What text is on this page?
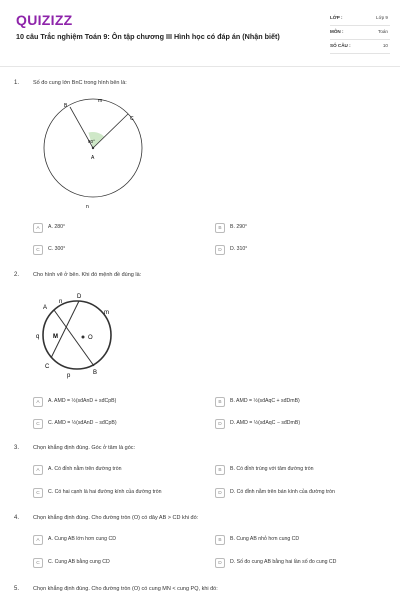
QUIZIZZ
10 câu Trắc nghiệm Toán 9: Ôn tập chương III Hình học có đáp án (Nhận biết)
LỚP :	Lớp 9
MÔN :	Toán
SỐ CÂU :	10
1.	Số đo cung lớn BnC trong hình bên là:
B
m
C
80°
A
n
A	A. 280°	B	B. 290°
C	C. 300°	D	D. 310°
2.	Cho hình vẽ ở bên. Khi đó mệnh đề đúng là:
D
A
n
m
q M	O
C
p	B
A	A. AMD = ½(sđAnD + sđCpB)	B	B. AMD = ½(sđAqC + sđDmB)
C	C. AMD = ½(sđAnD − sđCpB)	D	D. AMD = ½(sđAqC − sđDmB)
3.	Chọn khẳng định đúng. Góc ở tâm là góc:
A	A. Có đỉnh nằm trên đường tròn	B	B. Có đỉnh trùng với tâm đường tròn
C	C. Có hai cạnh là hai đường kính của đường tròn	D	D. Có đỉnh nằm trên bán kính của đường tròn
4.	Chọn khẳng định đúng. Cho đường tròn (O) có dây AB > CD khi đó:
A	A. Cung AB lớn hơn cung CD	B	B. Cung AB nhỏ hơn cung CD
C	C. Cung AB bằng cung CD	D	D. Số đo cung AB bằng hai lần số đo cung CD
5.	Chọn khẳng định đúng. Cho đường tròn (O) có cung MN < cung PQ, khi đó:
